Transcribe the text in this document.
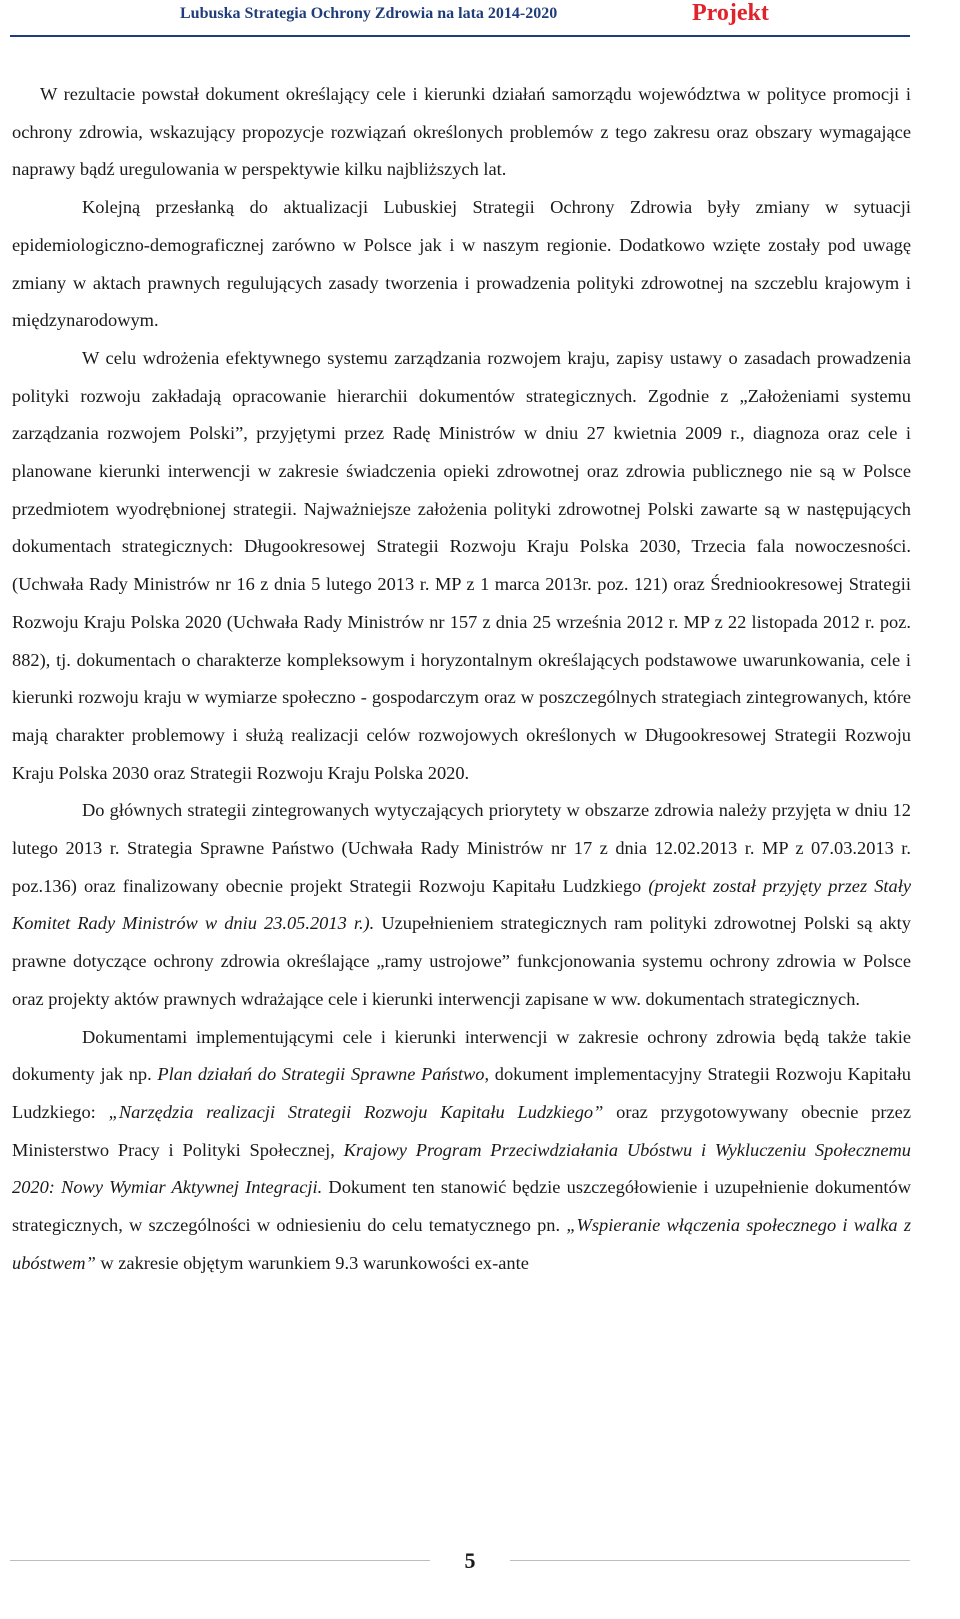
Lubuska Strategia Ochrony Zdrowia na lata 2014-2020	Projekt

W rezultacie powstał dokument określający cele i kierunki działań samorządu województwa w polityce promocji i ochrony zdrowia, wskazujący propozycje rozwiązań określonych problemów z tego zakresu oraz obszary wymagające naprawy bądź uregulowania w perspektywie kilku najbliższych lat.

Kolejną przesłanką do aktualizacji Lubuskiej Strategii Ochrony Zdrowia były zmiany w sytuacji epidemiologiczno-demograficznej zarówno w Polsce jak i w naszym regionie. Dodatkowo wzięte zostały pod uwagę zmiany w aktach prawnych regulujących zasady tworzenia i prowadzenia polityki zdrowotnej na szczeblu krajowym i międzynarodowym.

W celu wdrożenia efektywnego systemu zarządzania rozwojem kraju, zapisy ustawy o zasadach prowadzenia polityki rozwoju zakładają opracowanie hierarchii dokumentów strategicznych. Zgodnie z „Założeniami systemu zarządzania rozwojem Polski”, przyjętymi przez Radę Ministrów w dniu 27 kwietnia 2009 r., diagnoza oraz cele i planowane kierunki interwencji w zakresie świadczenia opieki zdrowotnej oraz zdrowia publicznego nie są w Polsce przedmiotem wyodrębnionej strategii. Najważniejsze założenia polityki zdrowotnej Polski zawarte są w następujących dokumentach strategicznych: Długookresowej Strategii Rozwoju Kraju Polska 2030, Trzecia fala nowoczesności. (Uchwała Rady Ministrów nr 16 z dnia 5 lutego 2013 r. MP z 1 marca 2013r. poz. 121) oraz Średniookresowej Strategii Rozwoju Kraju Polska 2020 (Uchwała Rady Ministrów nr 157 z dnia 25 września 2012 r. MP z 22 listopada 2012 r. poz. 882), tj. dokumentach o charakterze kompleksowym i horyzontalnym określających podstawowe uwarunkowania, cele i kierunki rozwoju kraju w wymiarze społeczno - gospodarczym oraz w poszczególnych strategiach zintegrowanych, które mają charakter problemowy i służą realizacji celów rozwojowych określonych w Długookresowej Strategii Rozwoju Kraju Polska 2030 oraz Strategii Rozwoju Kraju Polska 2020.

Do głównych strategii zintegrowanych wytyczających priorytety w obszarze zdrowia należy przyjęta w dniu 12 lutego 2013 r. Strategia Sprawne Państwo (Uchwała Rady Ministrów nr 17 z dnia 12.02.2013 r. MP z 07.03.2013 r. poz.136) oraz finalizowany obecnie projekt Strategii Rozwoju Kapitału Ludzkiego (projekt został przyjęty przez Stały Komitet Rady Ministrów w dniu 23.05.2013 r.). Uzupełnieniem strategicznych ram polityki zdrowotnej Polski są akty prawne dotyczące ochrony zdrowia określające „ramy ustrojowe” funkcjonowania systemu ochrony zdrowia w Polsce oraz projekty aktów prawnych wdrażające cele i kierunki interwencji zapisane w ww. dokumentach strategicznych.

Dokumentami implementującymi cele i kierunki interwencji w zakresie ochrony zdrowia będą także takie dokumenty jak np. Plan działań do Strategii Sprawne Państwo, dokument implementacyjny Strategii Rozwoju Kapitału Ludzkiego: „Narzędzia realizacji Strategii Rozwoju Kapitału Ludzkiego” oraz przygotowywany obecnie przez Ministerstwo Pracy i Polityki Społecznej, Krajowy Program Przeciwdziałania Ubóstwu i Wykluczeniu Społecznemu 2020: Nowy Wymiar Aktywnej Integracji. Dokument ten stanowić będzie uszczegółowienie i uzupełnienie dokumentów strategicznych, w szczególności w odniesieniu do celu tematycznego pn. „Wspieranie włączenia społecznego i walka z ubóstwem” w zakresie objętym warunkiem 9.3 warunkowości ex-ante

5
